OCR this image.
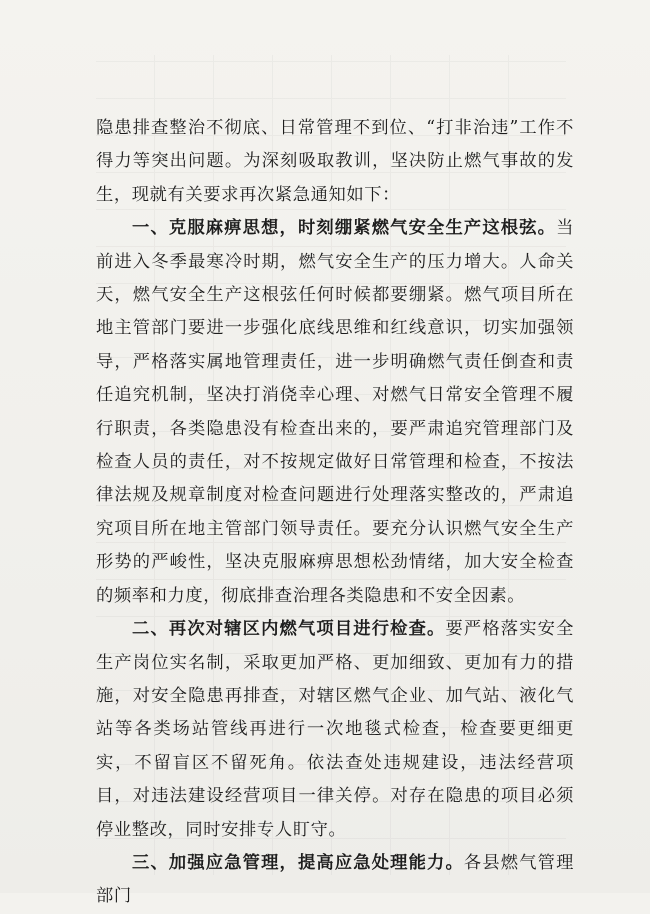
隐患排查整治不彻底、日常管理不到位、“打非治违”工作不得力等突出问题。为深刻吸取教训，坚决防止燃气事故的发生，现就有关要求再次紧急通知如下：

一、克服麻痹思想，时刻绷紧燃气安全生产这根弦。当前进入冬季最寒冷时期，燃气安全生产的压力增大。人命关天，燃气安全生产这根弦任何时候都要绷紧。燃气项目所在地主管部门要进一步强化底线思维和红线意识，切实加强领导，严格落实属地管理责任，进一步明确燃气责任倒查和责任追究机制，坚决打消侥幸心理、对燃气日常安全管理不履行职责，各类隐患没有检查出来的，要严肃追究管理部门及检查人员的责任，对不按规定做好日常管理和检查，不按法律法规及规章制度对检查问题进行处理落实整改的，严肃追究项目所在地主管部门领导责任。要充分认识燃气安全生产形势的严峻性，坚决克服麻痹思想松劲情绪，加大安全检查的频率和力度，彻底排查治理各类隐患和不安全因素。

二、再次对辖区内燃气项目进行检查。要严格落实安全生产岗位实名制，采取更加严格、更加细致、更加有力的措施，对安全隐患再排查，对辖区燃气企业、加气站、液化气站等各类场站管线再进行一次地毯式检查，检查要更细更实，不留盲区不留死角。依法查处违规建设，违法经营项目，对违法建设经营项目一律关停。对存在隐患的项目必须停业整改，同时安排专人盯守。

三、加强应急管理，提高应急处理能力。各县燃气管理部门
